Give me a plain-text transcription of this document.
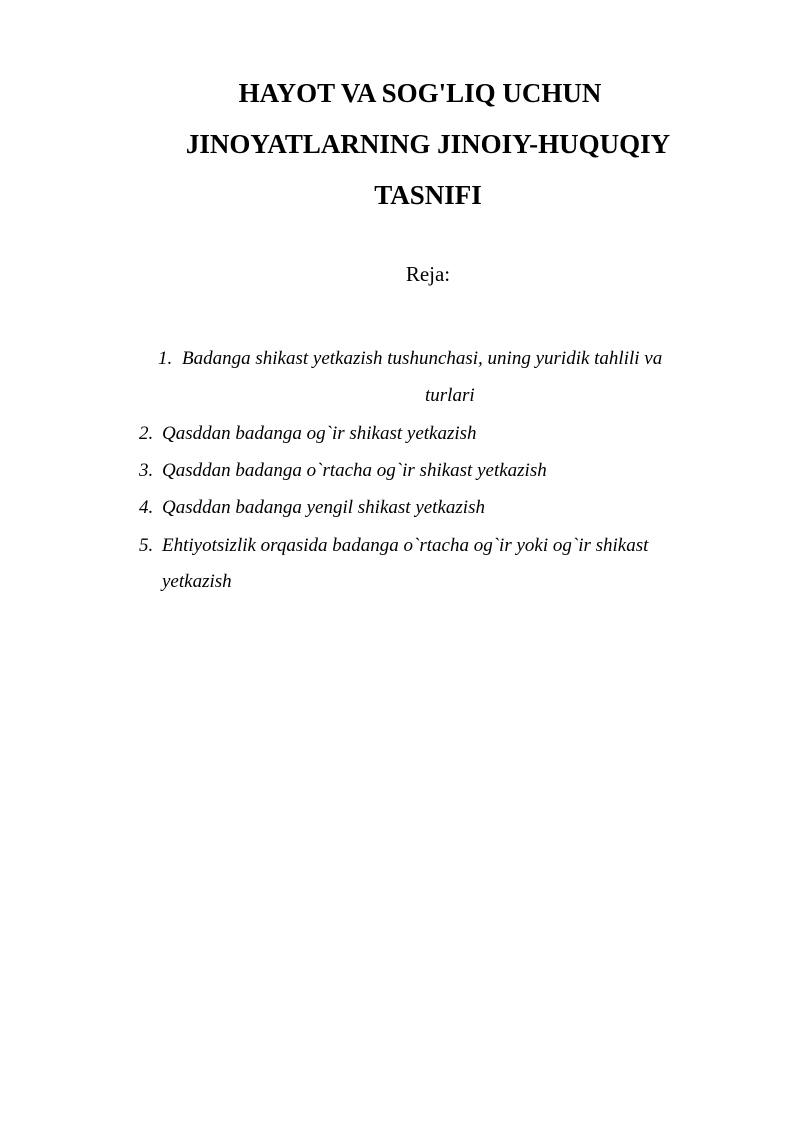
HAYOT VA SOG'LIQ UCHUN
JINOYATLARNING JINOIY-HUQUQIY
TASNIFI
Reja:
1. Badanga shikast yetkazish tushunchasi, uning yuridik tahlili va
turlari
2. Qasddan badanga og`ir shikast yetkazish
3. Qasddan badanga o`rtacha og`ir shikast yetkazish
4. Qasddan badanga yengil shikast yetkazish
5. Ehtiyotsizlik orqasida badanga o`rtacha og`ir yoki og`ir shikast
yetkazish
